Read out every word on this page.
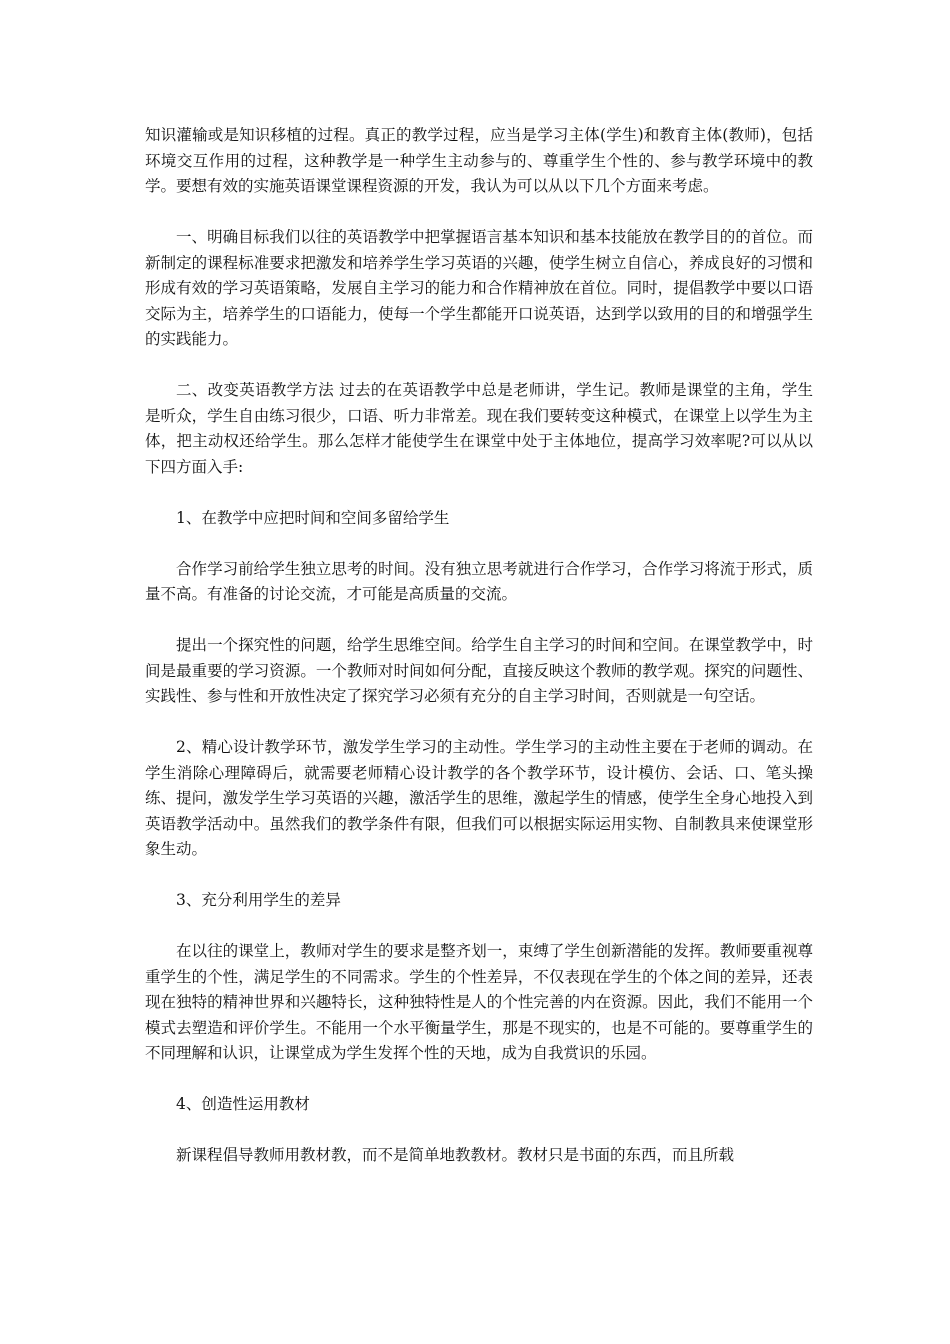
知识灌输或是知识移植的过程。真正的教学过程，应当是学习主体(学生)和教育主体(教师)，包括环境交互作用的过程，这种教学是一种学生主动参与的、尊重学生个性的、参与教学环境中的教学。要想有效的实施英语课堂课程资源的开发，我认为可以从以下几个方面来考虑。

一、明确目标我们以往的英语教学中把掌握语言基本知识和基本技能放在教学目的的首位。而新制定的课程标准要求把激发和培养学生学习英语的兴趣，使学生树立自信心，养成良好的习惯和形成有效的学习英语策略，发展自主学习的能力和合作精神放在首位。同时，提倡教学中要以口语交际为主，培养学生的口语能力，使每一个学生都能开口说英语，达到学以致用的目的和增强学生的实践能力。

二、改变英语教学方法 过去的在英语教学中总是老师讲，学生记。教师是课堂的主角，学生是听众，学生自由练习很少，口语、听力非常差。现在我们要转变这种模式，在课堂上以学生为主体，把主动权还给学生。那么怎样才能使学生在课堂中处于主体地位，提高学习效率呢?可以从以下四方面入手:

1、在教学中应把时间和空间多留给学生

合作学习前给学生独立思考的时间。没有独立思考就进行合作学习，合作学习将流于形式，质量不高。有准备的讨论交流，才可能是高质量的交流。

提出一个探究性的问题，给学生思维空间。给学生自主学习的时间和空间。在课堂教学中，时间是最重要的学习资源。一个教师对时间如何分配，直接反映这个教师的教学观。探究的问题性、实践性、参与性和开放性决定了探究学习必须有充分的自主学习时间，否则就是一句空话。

2、精心设计教学环节，激发学生学习的主动性。学生学习的主动性主要在于老师的调动。在学生消除心理障碍后，就需要老师精心设计教学的各个教学环节，设计模仿、会话、口、笔头操练、提问，激发学生学习英语的兴趣，激活学生的思维，激起学生的情感，使学生全身心地投入到英语教学活动中。虽然我们的教学条件有限，但我们可以根据实际运用实物、自制教具来使课堂形象生动。

3、充分利用学生的差异

在以往的课堂上，教师对学生的要求是整齐划一，束缚了学生创新潜能的发挥。教师要重视尊重学生的个性，满足学生的不同需求。学生的个性差异，不仅表现在学生的个体之间的差异，还表现在独特的精神世界和兴趣特长，这种独特性是人的个性完善的内在资源。因此，我们不能用一个模式去塑造和评价学生。不能用一个水平衡量学生，那是不现实的，也是不可能的。要尊重学生的不同理解和认识，让课堂成为学生发挥个性的天地，成为自我赏识的乐园。

4、创造性运用教材

新课程倡导教师用教材教，而不是简单地教教材。教材只是书面的东西，而且所载
